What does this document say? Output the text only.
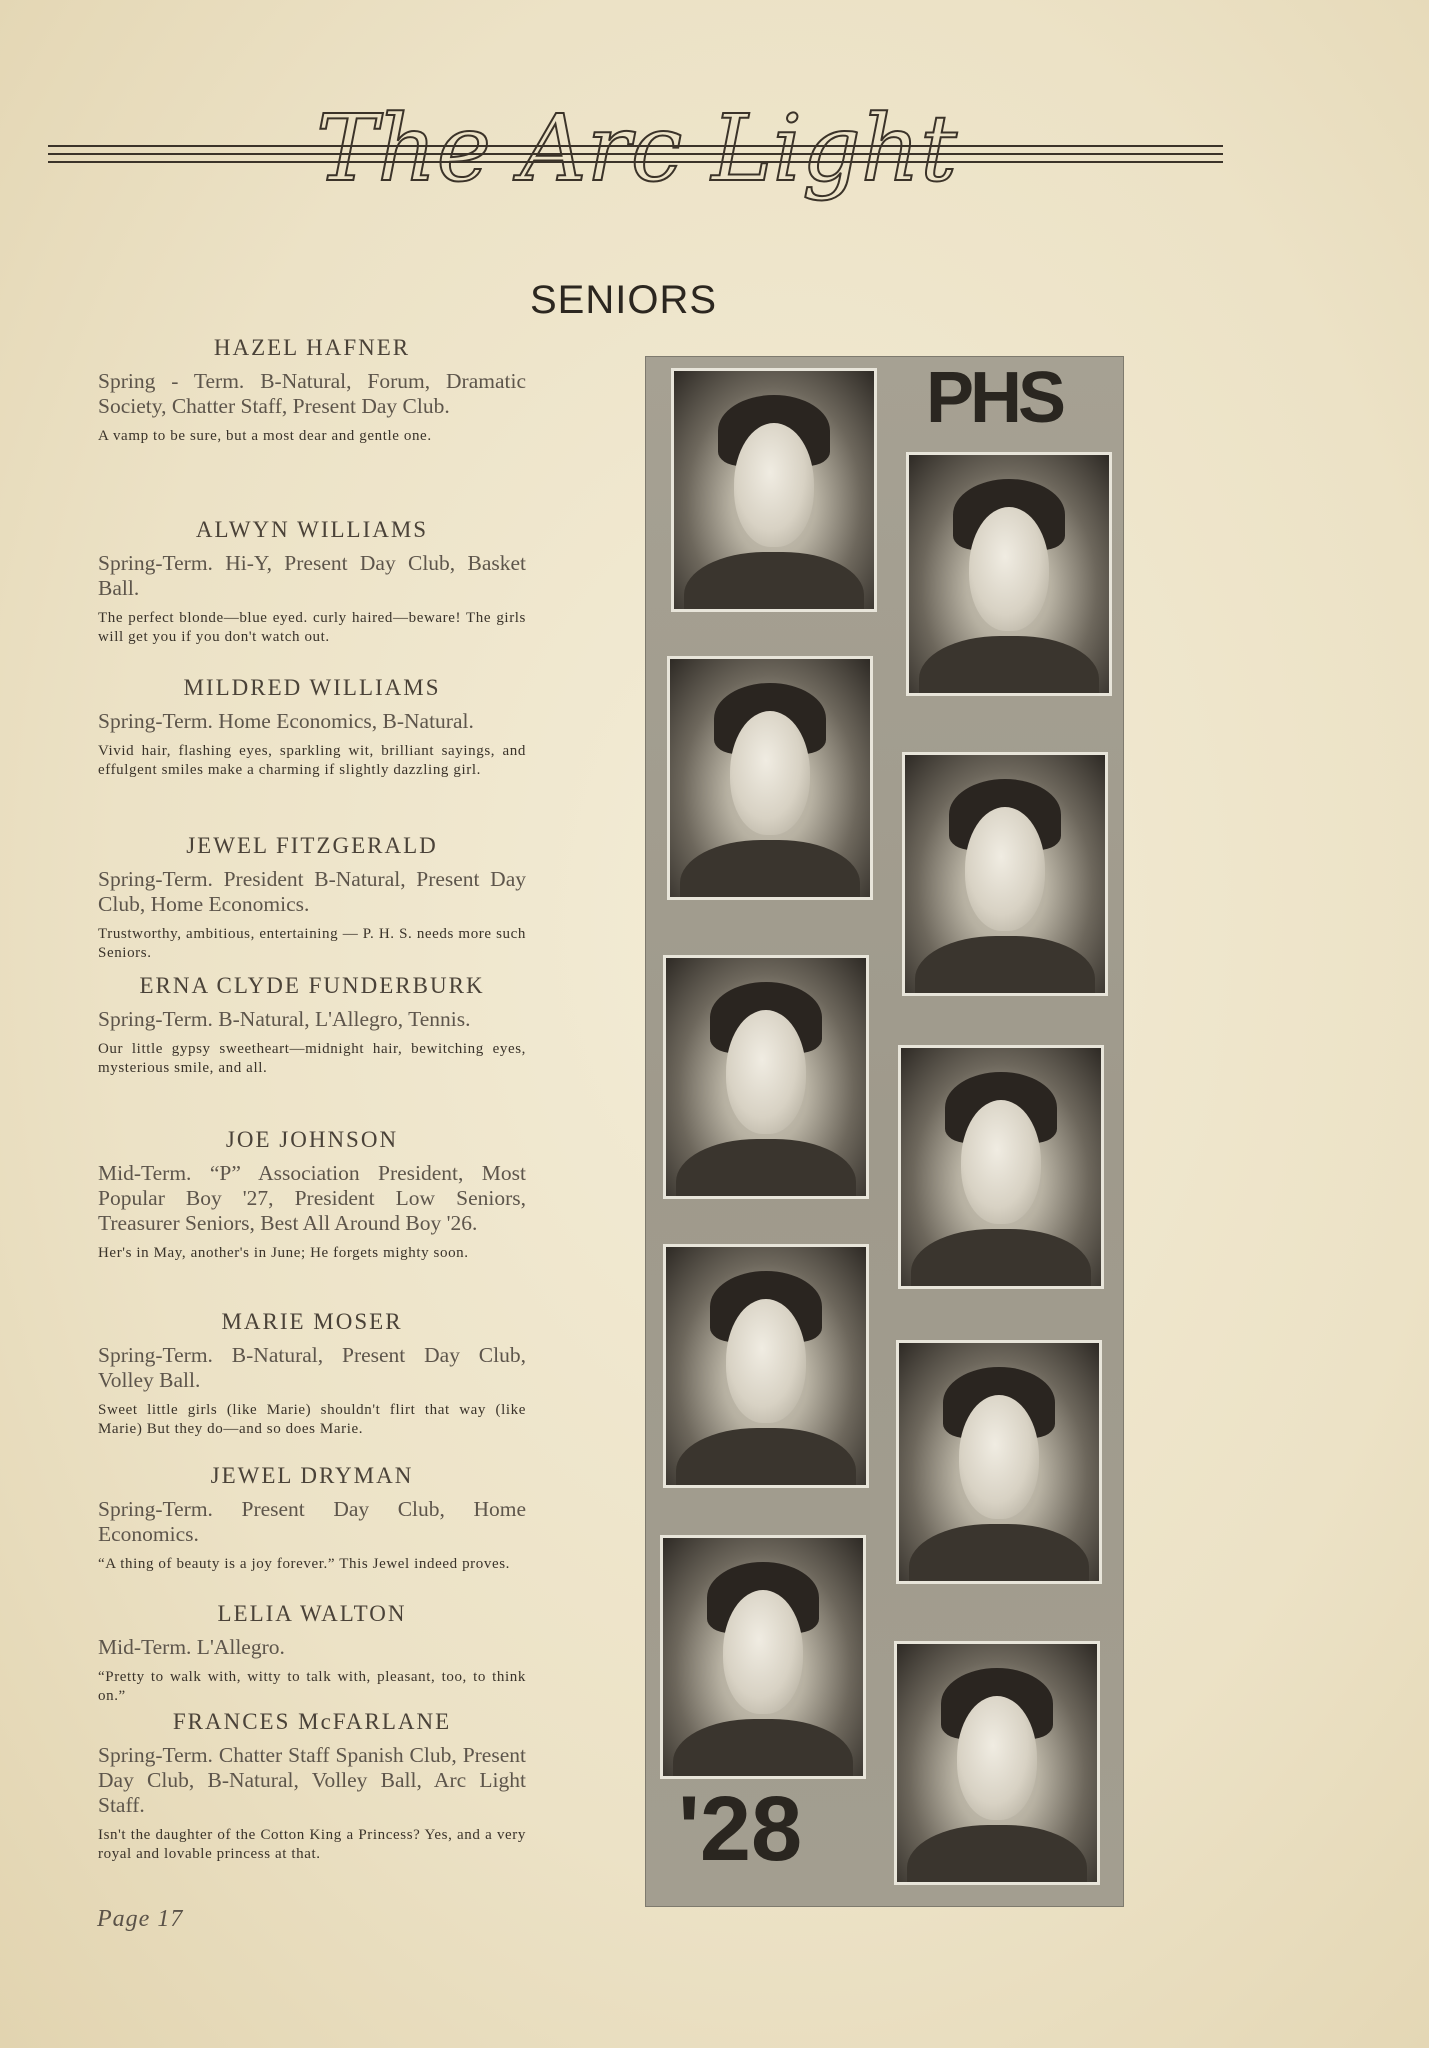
The Arc Light
SENIORS
HAZEL HAFNER

Spring - Term. B-Natural, Forum, Dramatic Society, Chatter Staff, Present Day Club.

A vamp to be sure, but a most dear and gentle one.

ALWYN WILLIAMS

Spring-Term. Hi-Y, Present Day Club, Basket Ball.

The perfect blonde—blue eyed. curly haired—beware! The girls will get you if you don't watch out.

MILDRED WILLIAMS

Spring-Term. Home Economics, B-Natural.

Vivid hair, flashing eyes, sparkling wit, brilliant sayings, and effulgent smiles make a charming if slightly dazzling girl.

JEWEL FITZGERALD

Spring-Term. President B-Natural, Present Day Club, Home Economics.

Trustworthy, ambitious, entertaining — P. H. S. needs more such Seniors.

ERNA CLYDE FUNDERBURK

Spring-Term. B-Natural, L'Allegro, Tennis.

Our little gypsy sweetheart—midnight hair, bewitching eyes, mysterious smile, and all.

JOE JOHNSON

Mid-Term. “P” Association President, Most Popular Boy '27, President Low Seniors, Treasurer Seniors, Best All Around Boy '26.

Her's in May, another's in June; He forgets mighty soon.

MARIE MOSER

Spring-Term. B-Natural, Present Day Club, Volley Ball.

Sweet little girls (like Marie) shouldn't flirt that way (like Marie) But they do—and so does Marie.

JEWEL DRYMAN

Spring-Term. Present Day Club, Home Economics.

“A thing of beauty is a joy forever.” This Jewel indeed proves.

LELIA WALTON

Mid-Term. L'Allegro.

“Pretty to walk with, witty to talk with, pleasant, too, to think on.”

FRANCES McFARLANE

Spring-Term. Chatter Staff Spanish Club, Present Day Club, B-Natural, Volley Ball, Arc Light Staff.

Isn't the daughter of the Cotton King a Princess? Yes, and a very royal and lovable princess at that.

PHS
'28
Page 17
